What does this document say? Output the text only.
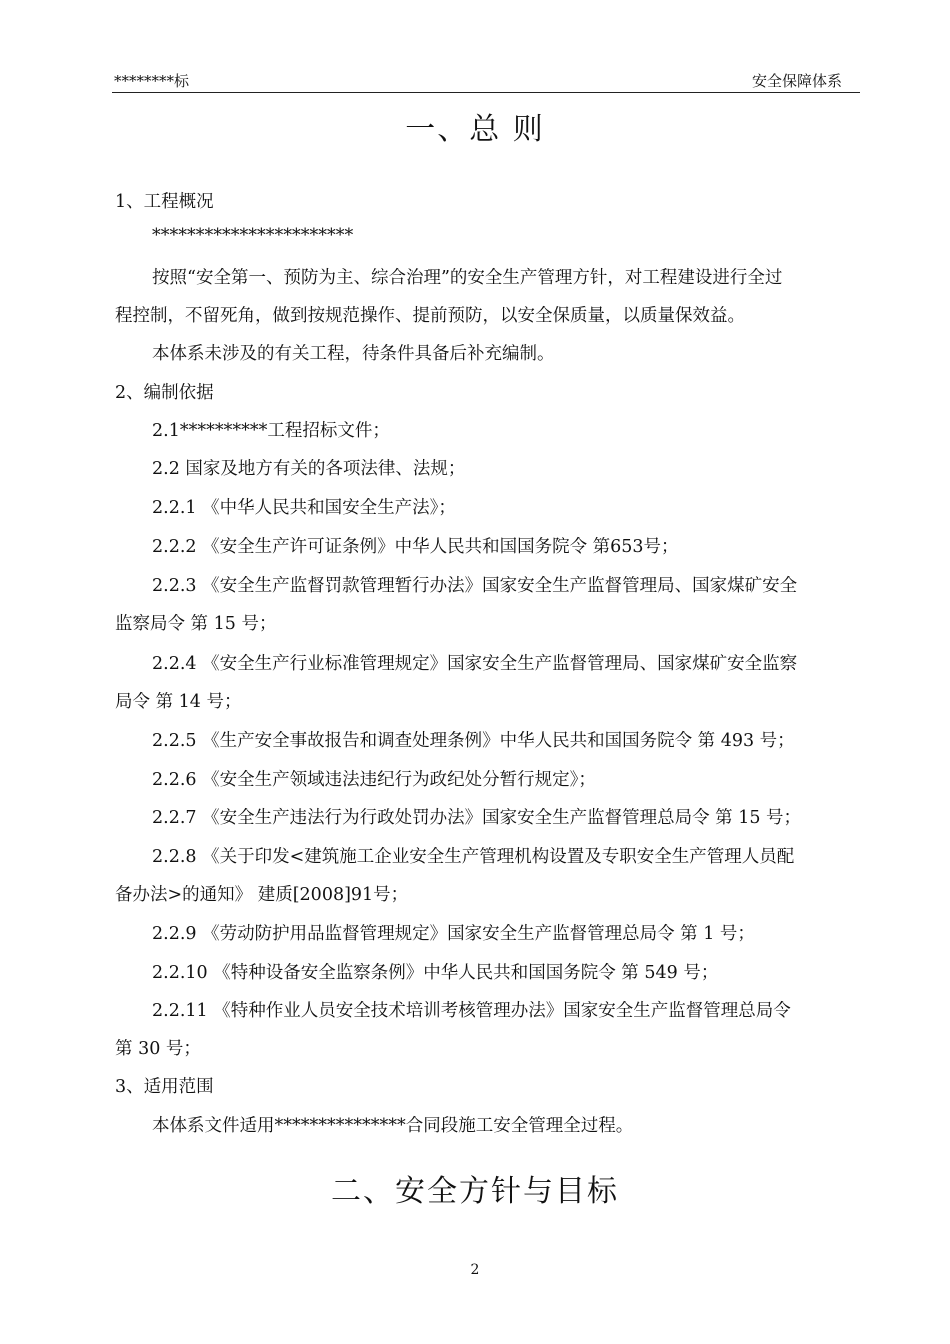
********标	安全保障体系
一、总 则
1、工程概况
***********************
按照“安全第一、预防为主、综合治理”的安全生产管理方针，对工程建设进行全过
程控制，不留死角，做到按规范操作、提前预防，以安全保质量，以质量保效益。
本体系未涉及的有关工程，待条件具备后补充编制。
2、编制依据
2.1**********工程招标文件；
2.2 国家及地方有关的各项法律、法规；
2.2.1 《中华人民共和国安全生产法》；
2.2.2 《安全生产许可证条例》中华人民共和国国务院令 第653号；
2.2.3 《安全生产监督罚款管理暂行办法》国家安全生产监督管理局、国家煤矿安全
监察局令 第 15 号；
2.2.4 《安全生产行业标准管理规定》国家安全生产监督管理局、国家煤矿安全监察
局令 第 14 号；
2.2.5 《生产安全事故报告和调查处理条例》中华人民共和国国务院令 第 493 号；
2.2.6 《安全生产领域违法违纪行为政纪处分暂行规定》；
2.2.7 《安全生产违法行为行政处罚办法》国家安全生产监督管理总局令 第 15 号；
2.2.8 《关于印发<建筑施工企业安全生产管理机构设置及专职安全生产管理人员配
备办法>的通知》 建质[2008]91号；
2.2.9 《劳动防护用品监督管理规定》国家安全生产监督管理总局令 第 1 号；
2.2.10 《特种设备安全监察条例》中华人民共和国国务院令 第 549 号；
2.2.11 《特种作业人员安全技术培训考核管理办法》国家安全生产监督管理总局令
第 30 号；
3、适用范围
本体系文件适用***************合同段施工安全管理全过程。
二、安全方针与目标
2
